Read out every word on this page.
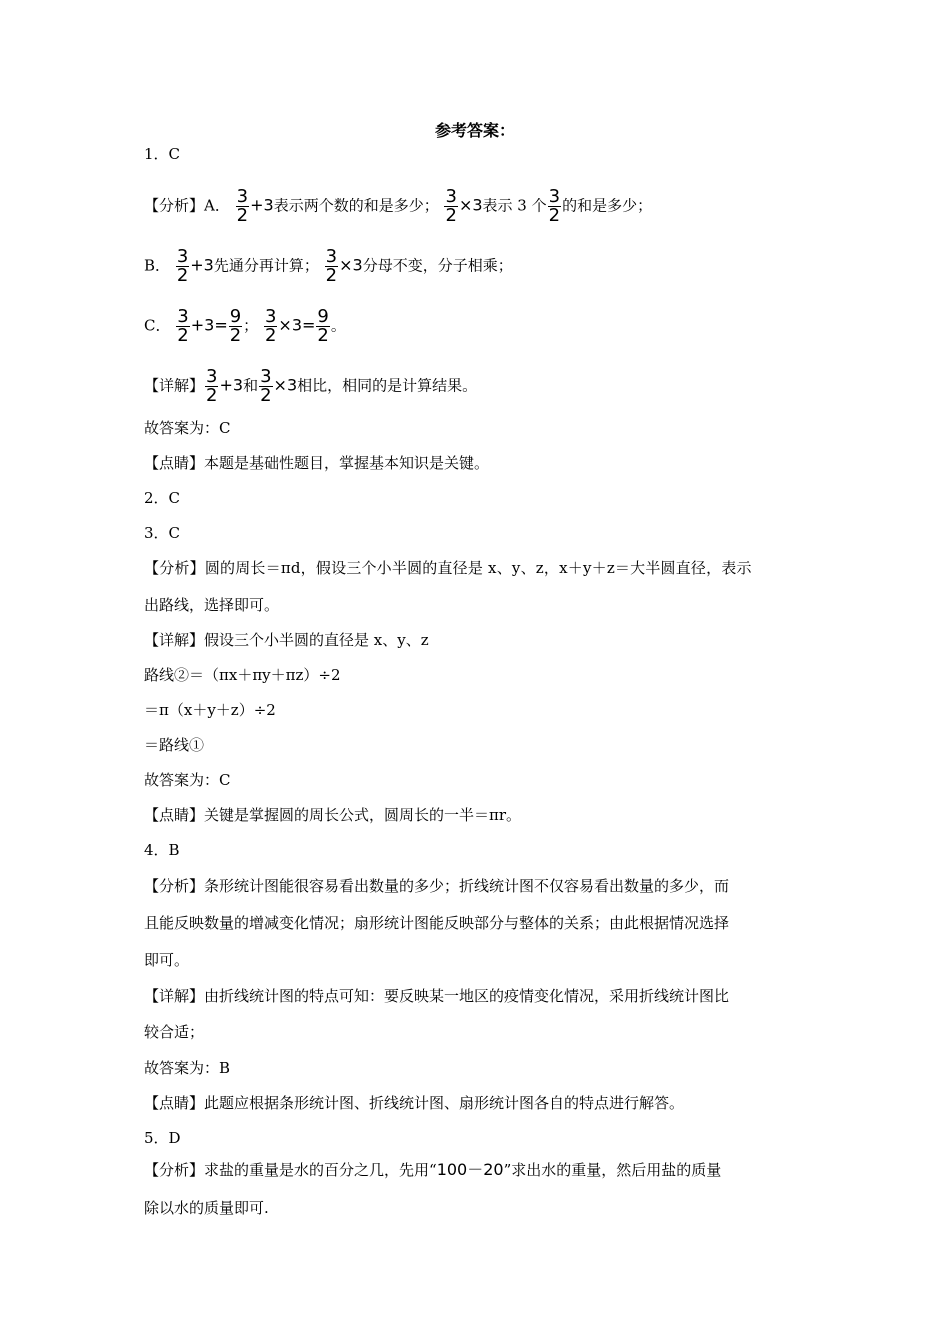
参考答案：
1．C
【分析】A． $\frac{3}{2} +3$表示两个数的和是多少； $\frac{3}{2} \times 3$表示 3 个 $\frac{3}{2}$ 的和是多少；
B． $\frac{3}{2} +3$先通分再计算； $\frac{3}{2} \times 3$分母不变，分子相乘；
C． $\frac{3}{2} +3= \frac{9}{2}$ ； $\frac{3}{2} \times 3= \frac{9}{2}$ 。
【详解】 $\frac{3}{2} +3$和 $\frac{3}{2} \times 3$相比，相同的是计算结果。
故答案为：C
【点睛】本题是基础性题目，掌握基本知识是关键。
2．C
3．C
【分析】圆的周长＝πd，假设三个小半圆的直径是 x、y、z，x＋y＋z＝大半圆直径，表示
出路线，选择即可。
【详解】假设三个小半圆的直径是 x、y、z
路线②＝（πx＋πy＋πz）÷2
＝π（x＋y＋z）÷2
＝路线①
故答案为：C
【点睛】关键是掌握圆的周长公式，圆周长的一半＝πr。
4．B
【分析】条形统计图能很容易看出数量的多少；折线统计图不仅容易看出数量的多少，而
且能反映数量的增减变化情况；扇形统计图能反映部分与整体的关系；由此根据情况选择
即可。
【详解】由折线统计图的特点可知：要反映某一地区的疫情变化情况，采用折线统计图比
较合适；
故答案为：B
【点睛】此题应根据条形统计图、折线统计图、扇形统计图各自的特点进行解答。
5．D
【分析】求盐的重量是水的百分之几，先用“100－20”求出水的重量，然后用盐的质量
除以水的质量即可.
